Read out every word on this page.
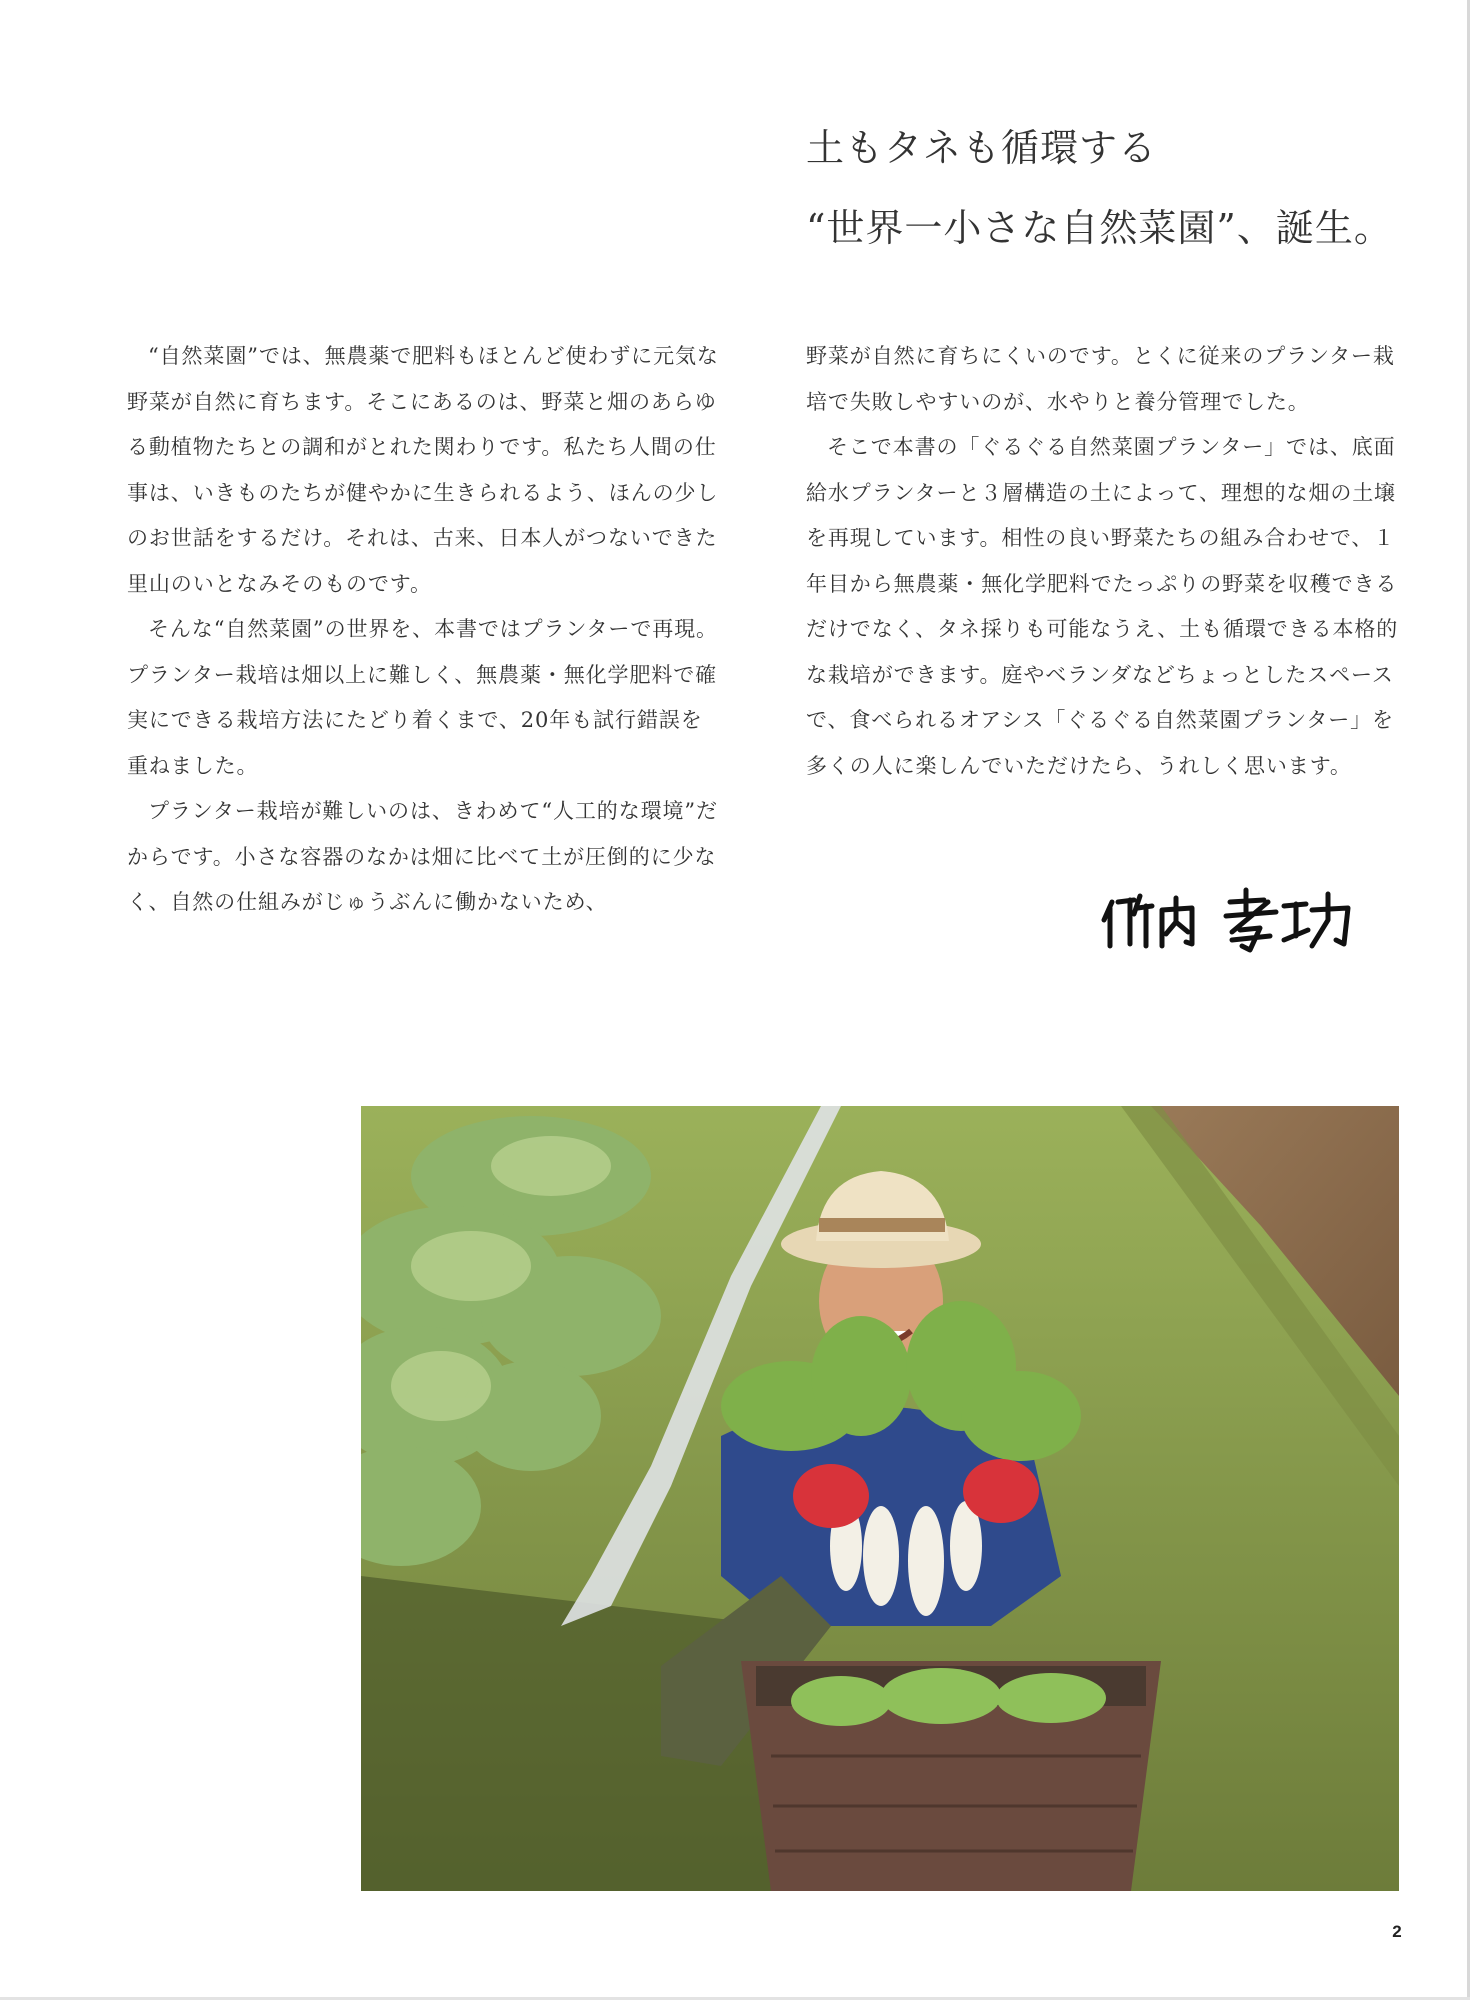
土もタネも循環する
“世界一小さな自然菜園”、誕生。

“自然菜園”では、無農薬で肥料もほとんど使わずに元気な野菜が自然に育ちます。そこにあるのは、野菜と畑のあらゆる動植物たちとの調和がとれた関わりです。私たち人間の仕事は、いきものたちが健やかに生きられるよう、ほんの少しのお世話をするだけ。それは、古来、日本人がつないできた里山のいとなみそのものです。

そんな“自然菜園”の世界を、本書ではプランターで再現。プランター栽培は畑以上に難しく、無農薬・無化学肥料で確実にできる栽培方法にたどり着くまで、20年も試行錯誤を重ねました。

プランター栽培が難しいのは、きわめて“人工的な環境”だからです。小さな容器のなかは畑に比べて土が圧倒的に少なく、自然の仕組みがじゅうぶんに働かないため、

野菜が自然に育ちにくいのです。とくに従来のプランター栽培で失敗しやすいのが、水やりと養分管理でした。

そこで本書の「ぐるぐる自然菜園プランター」では、底面給水プランターと３層構造の土によって、理想的な畑の土壌を再現しています。相性の良い野菜たちの組み合わせで、１年目から無農薬・無化学肥料でたっぷりの野菜を収穫できるだけでなく、タネ採りも可能なうえ、土も循環できる本格的な栽培ができます。庭やベランダなどちょっとしたスペースで、食べられるオアシス「ぐるぐる自然菜園プランター」を多くの人に楽しんでいただけたら、うれしく思います。

2
